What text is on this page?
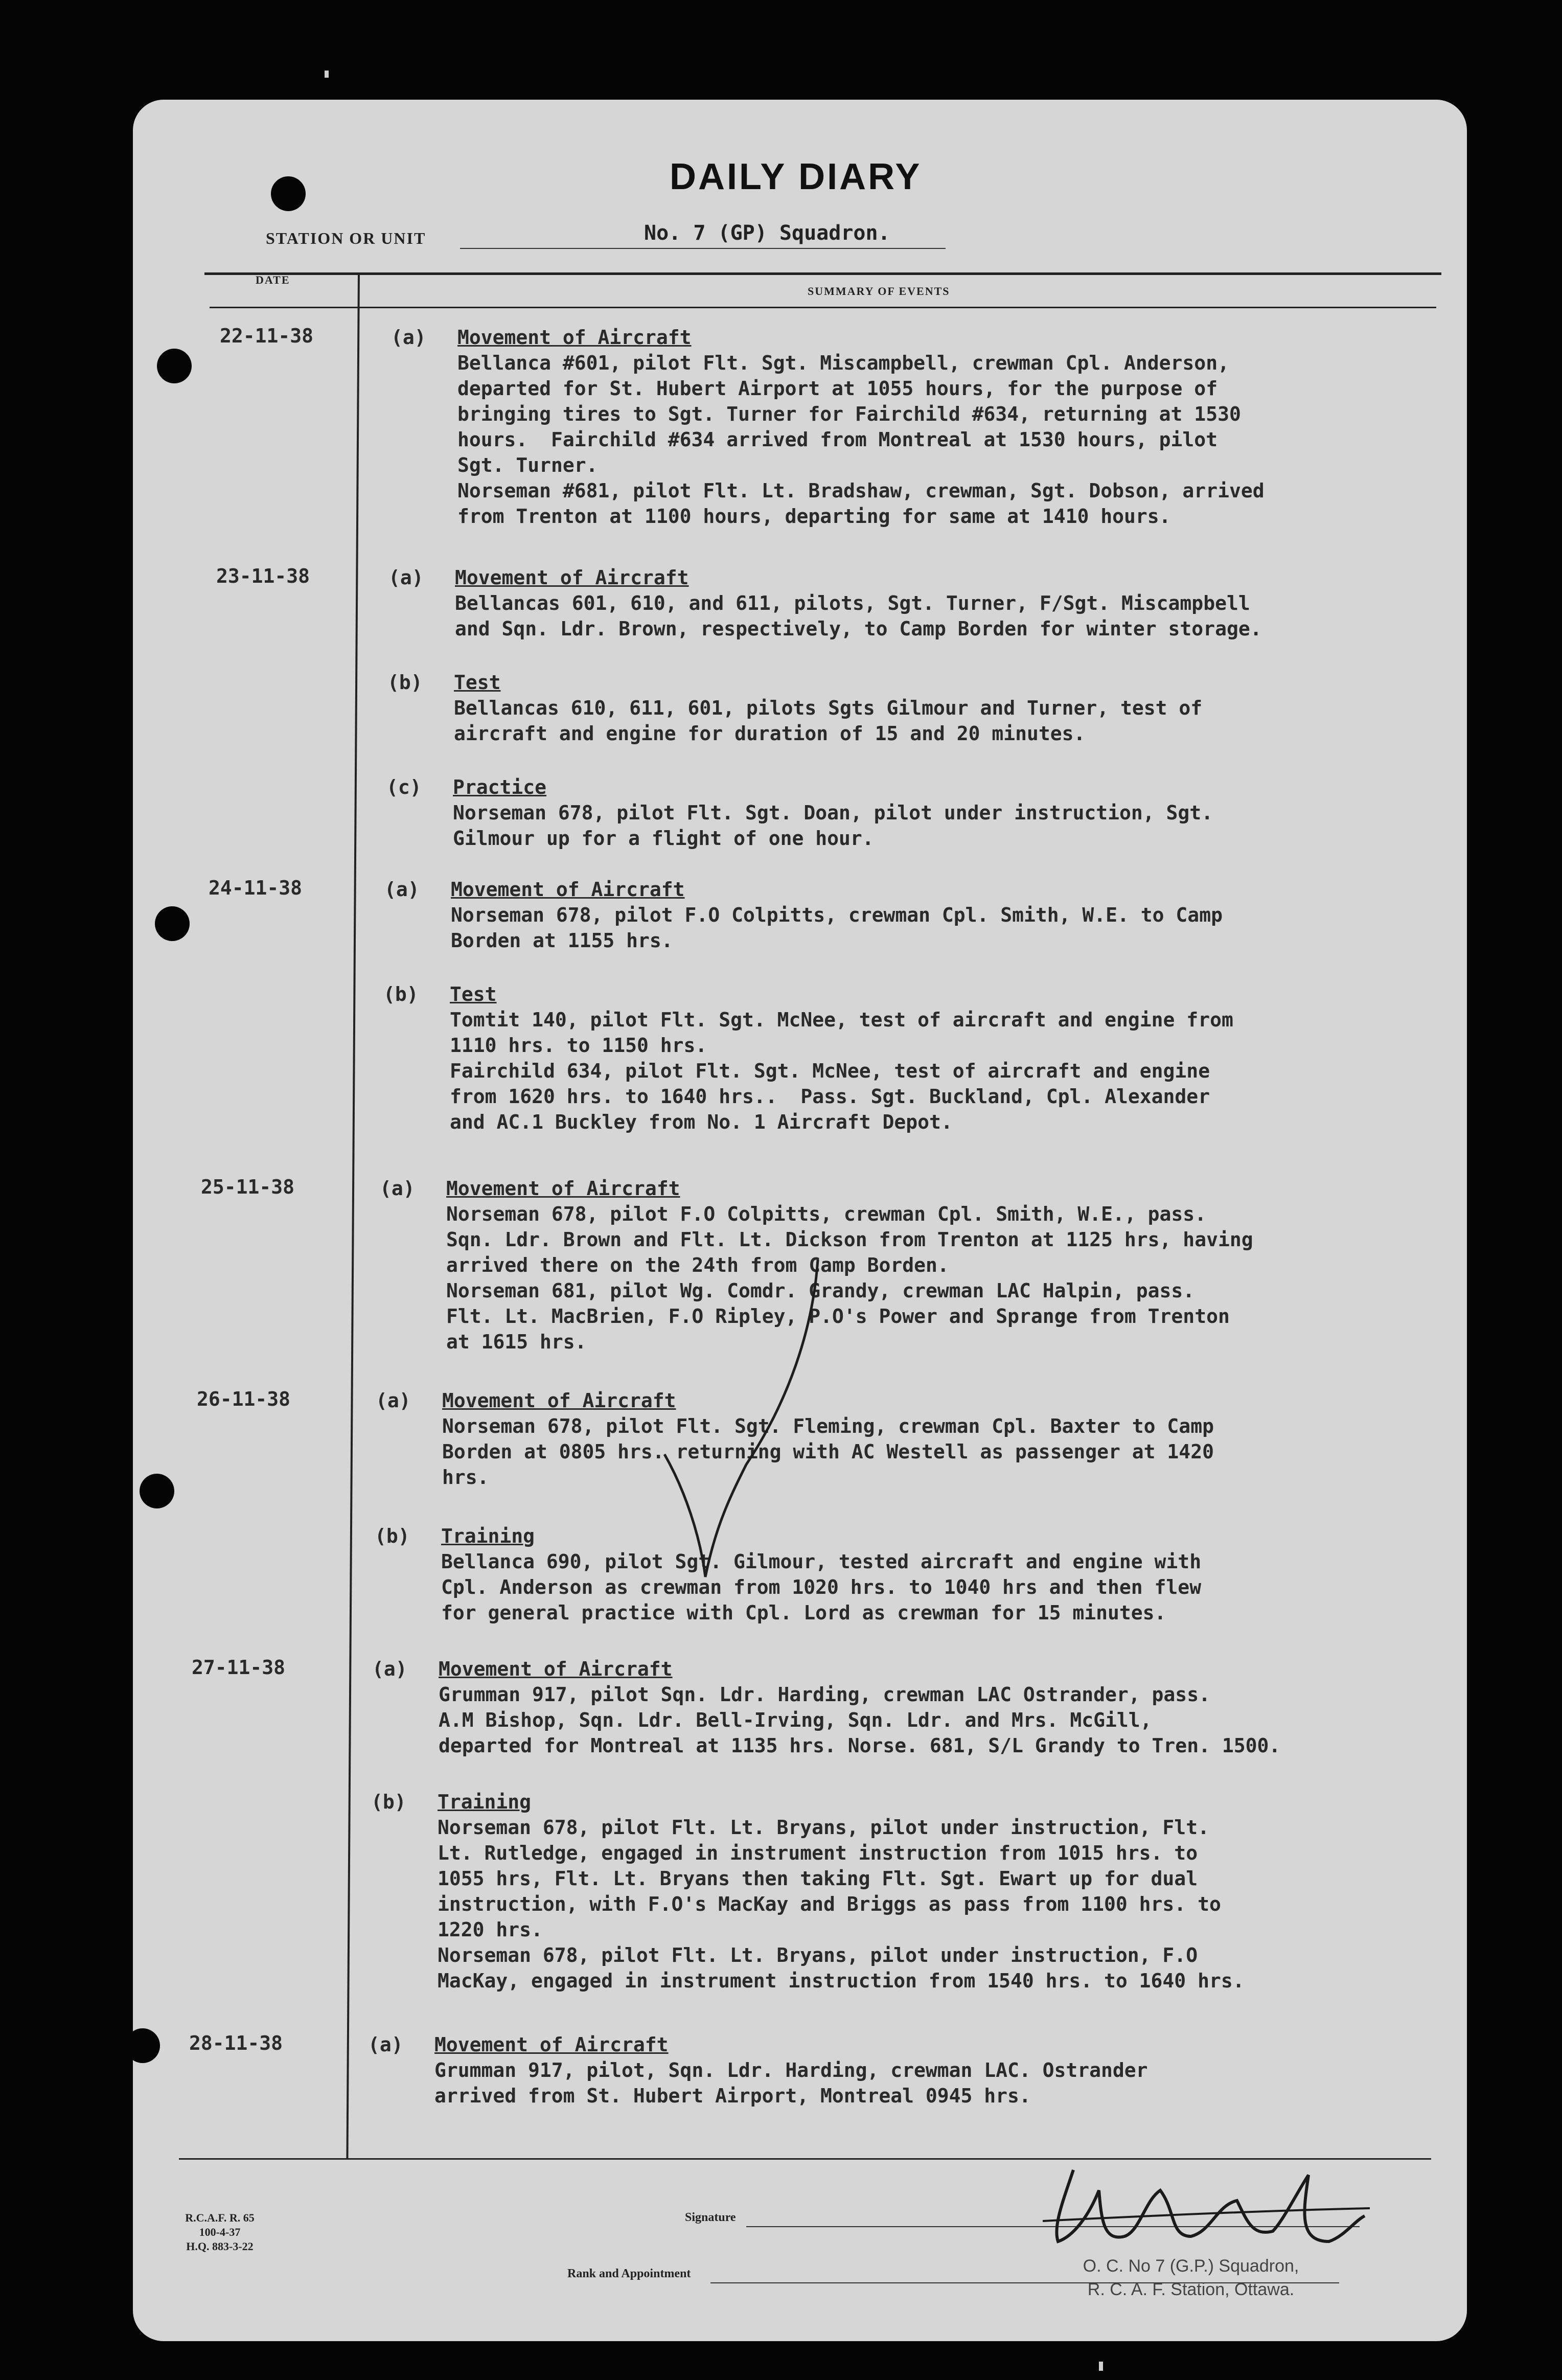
DAILY DIARY
STATION OR UNIT	No. 7 (GP) Squadron.
DATE
SUMMARY OF EVENTS
22-11-38	(a) Movement of Aircraft
Bellanca #601, pilot Flt. Sgt. Miscampbell, crewman Cpl. Anderson,
departed for St. Hubert Airport at 1055 hours, for the purpose of
bringing tires to Sgt. Turner for Fairchild #634, returning at 1530
hours.  Fairchild #634 arrived from Montreal at 1530 hours, pilot
Sgt. Turner.
Norseman #681, pilot Flt. Lt. Bradshaw, crewman, Sgt. Dobson, arrived
from Trenton at 1100 hours, departing for same at 1410 hours.
23-11-38	(a) Movement of Aircraft
Bellancas 601, 610, and 611, pilots, Sgt. Turner, F/Sgt. Miscampbell
and Sqn. Ldr. Brown, respectively, to Camp Borden for winter storage.
(b) Test
Bellancas 610, 611, 601, pilots Sgts Gilmour and Turner, test of
aircraft and engine for duration of 15 and 20 minutes.
(c) Practice
Norseman 678, pilot Flt. Sgt. Doan, pilot under instruction, Sgt.
Gilmour up for a flight of one hour.
24-11-38	(a) Movement of Aircraft
Norseman 678, pilot F.O Colpitts, crewman Cpl. Smith, W.E. to Camp
Borden at 1155 hrs.
(b) Test
Tomtit 140, pilot Flt. Sgt. McNee, test of aircraft and engine from
1110 hrs. to 1150 hrs.
Fairchild 634, pilot Flt. Sgt. McNee, test of aircraft and engine
from 1620 hrs. to 1640 hrs..  Pass. Sgt. Buckland, Cpl. Alexander
and AC.1 Buckley from No. 1 Aircraft Depot.
25-11-38	(a) Movement of Aircraft
Norseman 678, pilot F.O Colpitts, crewman Cpl. Smith, W.E., pass.
Sqn. Ldr. Brown and Flt. Lt. Dickson from Trenton at 1125 hrs, having
arrived there on the 24th from Camp Borden.
Norseman 681, pilot Wg. Comdr. Grandy, crewman LAC Halpin, pass.
Flt. Lt. MacBrien, F.O Ripley, P.O's Power and Sprange from Trenton
at 1615 hrs.
26-11-38	(a) Movement of Aircraft
Norseman 678, pilot Flt. Sgt. Fleming, crewman Cpl. Baxter to Camp
Borden at 0805 hrs. returning with AC Westell as passenger at 1420
hrs.
(b) Training
Bellanca 690, pilot Sgt. Gilmour, tested aircraft and engine with
Cpl. Anderson as crewman from 1020 hrs. to 1040 hrs and then flew
for general practice with Cpl. Lord as crewman for 15 minutes.
27-11-38	(a) Movement of Aircraft
Grumman 917, pilot Sqn. Ldr. Harding, crewman LAC Ostrander, pass.
A.M Bishop, Sqn. Ldr. Bell-Irving, Sqn. Ldr. and Mrs. McGill,
departed for Montreal at 1135 hrs. Norse. 681, S/L Grandy to Tren. 1500.
(b) Training
Norseman 678, pilot Flt. Lt. Bryans, pilot under instruction, Flt.
Lt. Rutledge, engaged in instrument instruction from 1015 hrs. to
1055 hrs, Flt. Lt. Bryans then taking Flt. Sgt. Ewart up for dual
instruction, with F.O's MacKay and Briggs as pass from 1100 hrs. to
1220 hrs.
Norseman 678, pilot Flt. Lt. Bryans, pilot under instruction, F.O
MacKay, engaged in instrument instruction from 1540 hrs. to 1640 hrs.
28-11-38	(a) Movement of Aircraft
Grumman 917, pilot, Sqn. Ldr. Harding, crewman LAC. Ostrander
arrived from St. Hubert Airport, Montreal 0945 hrs.
R.C.A.F. R. 65
100-4-37
H.Q. 883-3-22
Signature
Rank and Appointment	O. C. No 7 (G.P.) Squadron,
R. C. A. F. Station, Ottawa.
